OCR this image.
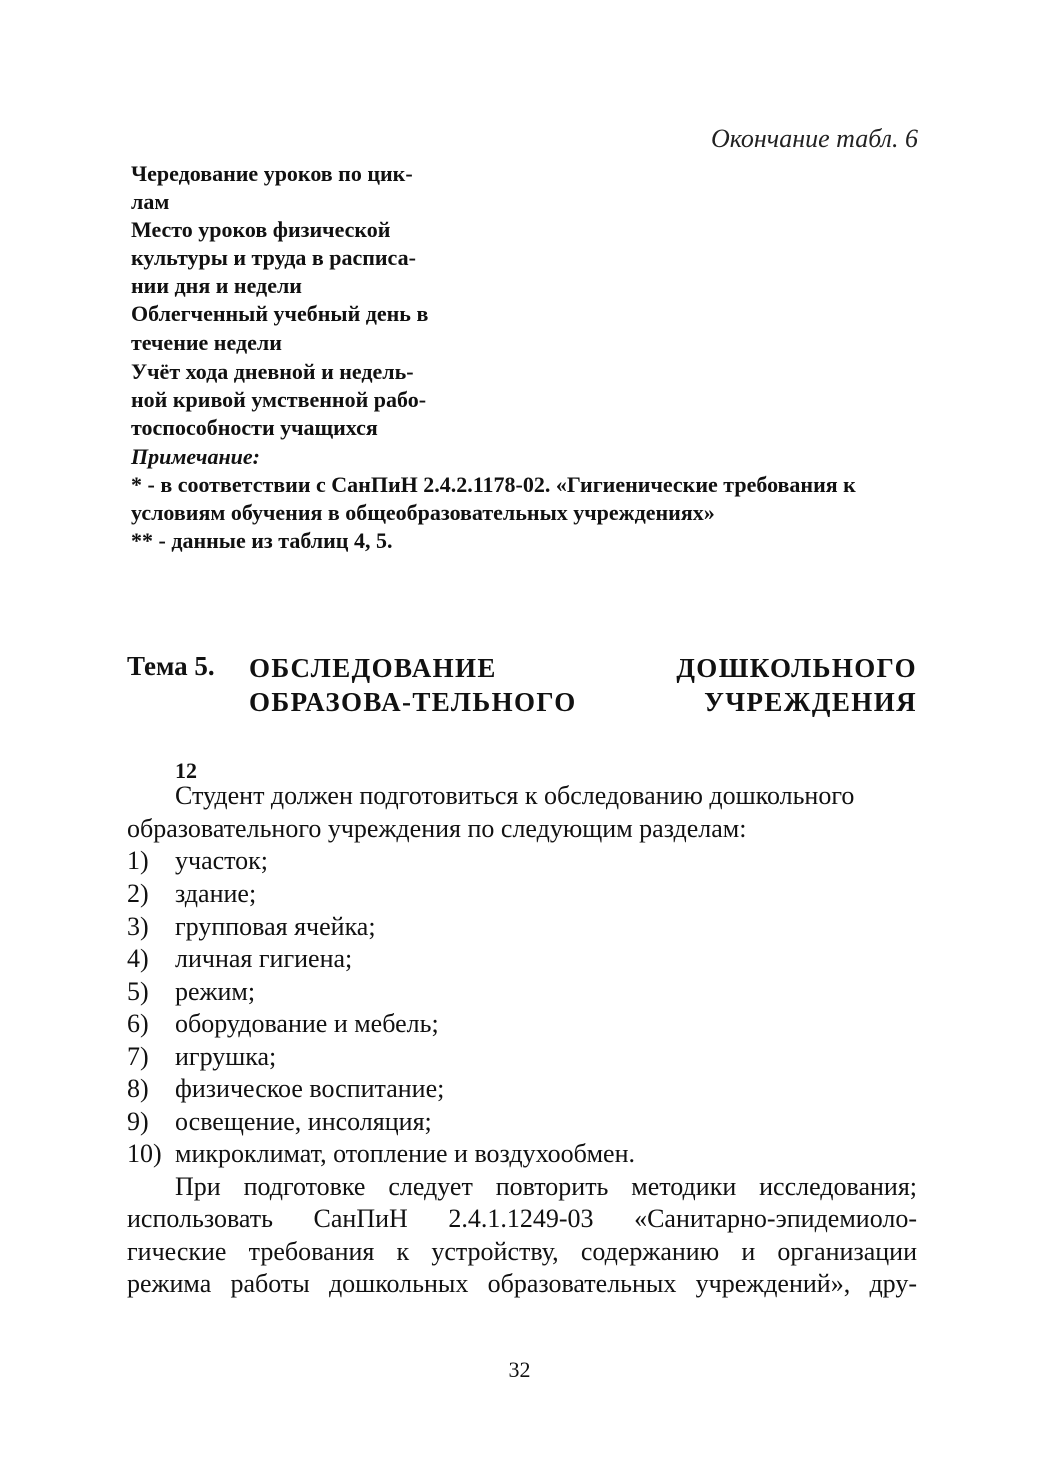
Окончание табл. 6
Чередование уроков по цик-
лам
Место уроков физической
культуры и труда в расписа-
нии дня и недели
Облегченный учебный день в
течение недели
Учёт хода дневной и недель-
ной кривой умственной рабо-
тоспособности учащихся
Примечание:
* - в соответствии с СанПиН 2.4.2.1178-02. «Гигиенические требования к
условиям обучения в общеобразовательных учреждениях»
** - данные из таблиц 4, 5.
Тема 5. ОБСЛЕДОВАНИЕ ДОШКОЛЬНОГО ОБРАЗОВА-ТЕЛЬНОГО УЧРЕЖДЕНИЯ
12
Студент должен подготовиться к обследованию дошкольного
образовательного учреждения по следующим разделам:
1) участок;
2) здание;
3) групповая ячейка;
4) личная гигиена;
5) режим;
6) оборудование и мебель;
7) игрушка;
8) физическое воспитание;
9) освещение, инсоляция;
10) микроклимат, отопление и воздухообмен.
При подготовке следует повторить методики исследования;
использовать СанПиН 2.4.1.1249-03 «Санитарно-эпидемиоло-
гические требования к устройству, содержанию и организации
режима работы дошкольных образовательных учреждений», дру-
32
